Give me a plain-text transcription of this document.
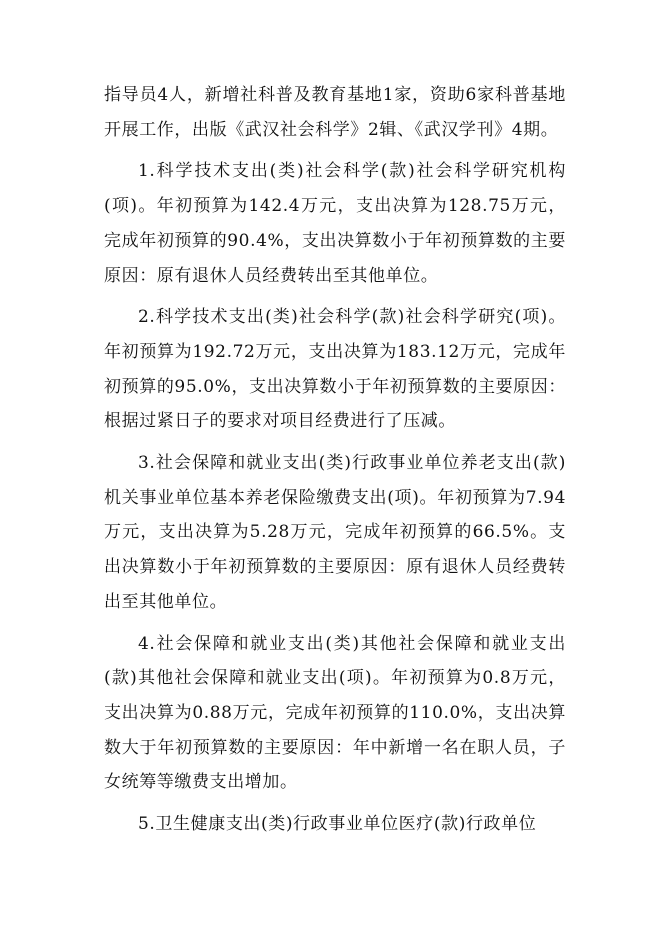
指导员4人，新增社科普及教育基地1家，资助6家科普基地开展工作，出版《武汉社会科学》2辑、《武汉学刊》4期。

1.科学技术支出(类)社会科学(款)社会科学研究机构(项)。年初预算为142.4万元，支出决算为128.75万元，完成年初预算的90.4%，支出决算数小于年初预算数的主要原因：原有退休人员经费转出至其他单位。

2.科学技术支出(类)社会科学(款)社会科学研究(项)。年初预算为192.72万元，支出决算为183.12万元，完成年初预算的95.0%，支出决算数小于年初预算数的主要原因：根据过紧日子的要求对项目经费进行了压减。

3.社会保障和就业支出(类)行政事业单位养老支出(款)机关事业单位基本养老保险缴费支出(项)。年初预算为7.94万元，支出决算为5.28万元，完成年初预算的66.5%。支出决算数小于年初预算数的主要原因：原有退休人员经费转出至其他单位。

4.社会保障和就业支出(类)其他社会保障和就业支出(款)其他社会保障和就业支出(项)。年初预算为0.8万元，支出决算为0.88万元，完成年初预算的110.0%，支出决算数大于年初预算数的主要原因：年中新增一名在职人员，子女统筹等缴费支出增加。

5.卫生健康支出(类)行政事业单位医疗(款)行政单位
